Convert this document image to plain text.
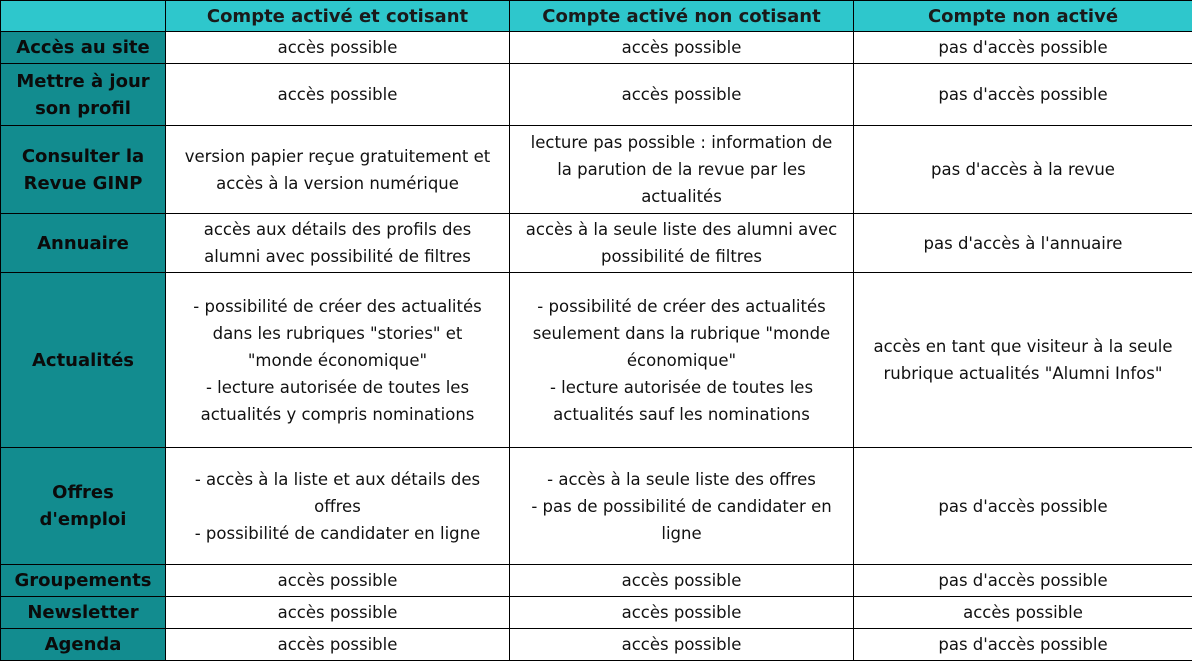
	Compte activé et cotisant	Compte activé non cotisant	Compte non activé
Accès au site	accès possible	accès possible	pas d'accès possible
Mettre à jour
son profil	accès possible	accès possible	pas d'accès possible
Consulter la
Revue GINP	version papier reçue gratuitement et
accès à la version numérique	lecture pas possible : information de
la parution de la revue par les
actualités	pas d'accès à la revue
Annuaire	accès aux détails des profils des
alumni avec possibilité de filtres	accès à la seule liste des alumni avec
possibilité de filtres	pas d'accès à l'annuaire
Actualités	- possibilité de créer des actualités
dans les rubriques "stories" et
"monde économique"
- lecture autorisée de toutes les
actualités y compris nominations	- possibilité de créer des actualités
seulement dans la rubrique "monde
économique"
- lecture autorisée de toutes les
actualités sauf les nominations	accès en tant que visiteur à la seule
rubrique actualités "Alumni Infos"
Offres
d'emploi	- accès à la liste et aux détails des
offres
- possibilité de candidater en ligne	- accès à la seule liste des offres
- pas de possibilité de candidater en
ligne	pas d'accès possible
Groupements	accès possible	accès possible	pas d'accès possible
Newsletter	accès possible	accès possible	accès possible
Agenda	accès possible	accès possible	pas d'accès possible
